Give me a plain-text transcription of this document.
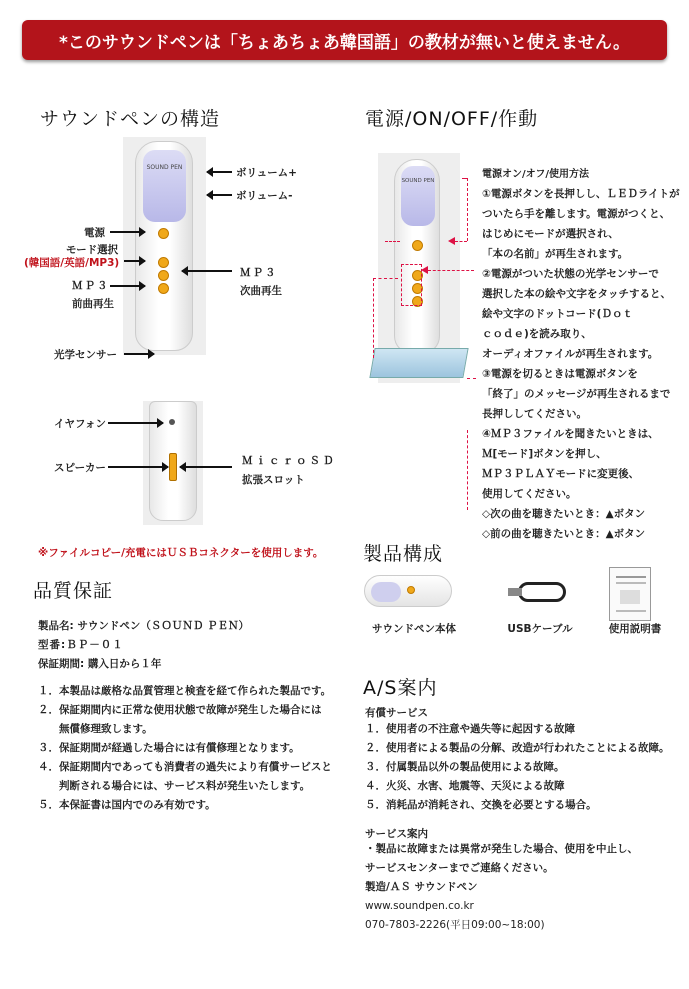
*このサウンドペンは「ちょあちょあ韓国語」の教材が無いと使えません。
サウンドペンの構造
SOUND PEN	ボリューム+
ボリューム-
電源
モード選択
(韓国語/英語/MP3)
ＭＰ３
次曲再生
ＭＰ３
前曲再生
光学センサー
イヤフォン
スピーカー
ＭｉｃｒｏＳＤ
拡張スロット
※ファイルコピー/充電にはＵＳＢコネクターを使用します。
電源/ON/OFF/作動
SOUND PEN
電源オン/オフ/使用方法
①電源ボタンを長押しし、ＬＥＤライトが
ついたら手を離します。電源がつくと、
はじめにモードが選択され、
「本の名前」が再生されます。
②電源がついた状態の光学センサーで
選択した本の絵や文字をタッチすると、
絵や文字のドットコード(Ｄｏｔ
ｃｏｄｅ)を読み取り、
オーディオファイルが再生されます。
③電源を切るときは電源ボタンを
「終了」のメッセージが再生されるまで
長押ししてください。
④ＭＰ３ファイルを聞きたいときは、
Ｍ[モード]ボタンを押し、
ＭＰ３ＰＬＡＹモードに変更後、
使用してください。
◇次の曲を聴きたいとき：▲ボタン
◇前の曲を聴きたいとき：▲ボタン
品質保証
製品名: サウンドペン（ＳＯＵＮＤ ＰＥＮ）
型番:ＢＰ－０１
保証期間: 購入日から１年
１．本製品は厳格な品質管理と検査を経て作られた製品です。
２．保証期間内に正常な使用状態で故障が発生した場合には
　　無償修理致します。
３．保証期間が経過した場合には有償修理となります。
４．保証期間内であっても消費者の過失により有償サービスと
　　判断される場合には、サービス料が発生いたします。
５．本保証書は国内でのみ有効です。
製品構成
サウンドペン本体	USBケーブル	使用説明書
A/S案内
有償サービス
１．使用者の不注意や過失等に起因する故障
２．使用者による製品の分解、改造が行われたことによる故障。
３．付属製品以外の製品使用による故障。
４．火災、水害、地震等、天災による故障
５．消耗品が消耗され、交換を必要とする場合。
サービス案内
・製品に故障または異常が発生した場合、使用を中止し、
サービスセンターまでご連絡ください。
製造/ＡＳ サウンドペン
www.soundpen.co.kr
070-7803-2226(平日09:00~18:00)
